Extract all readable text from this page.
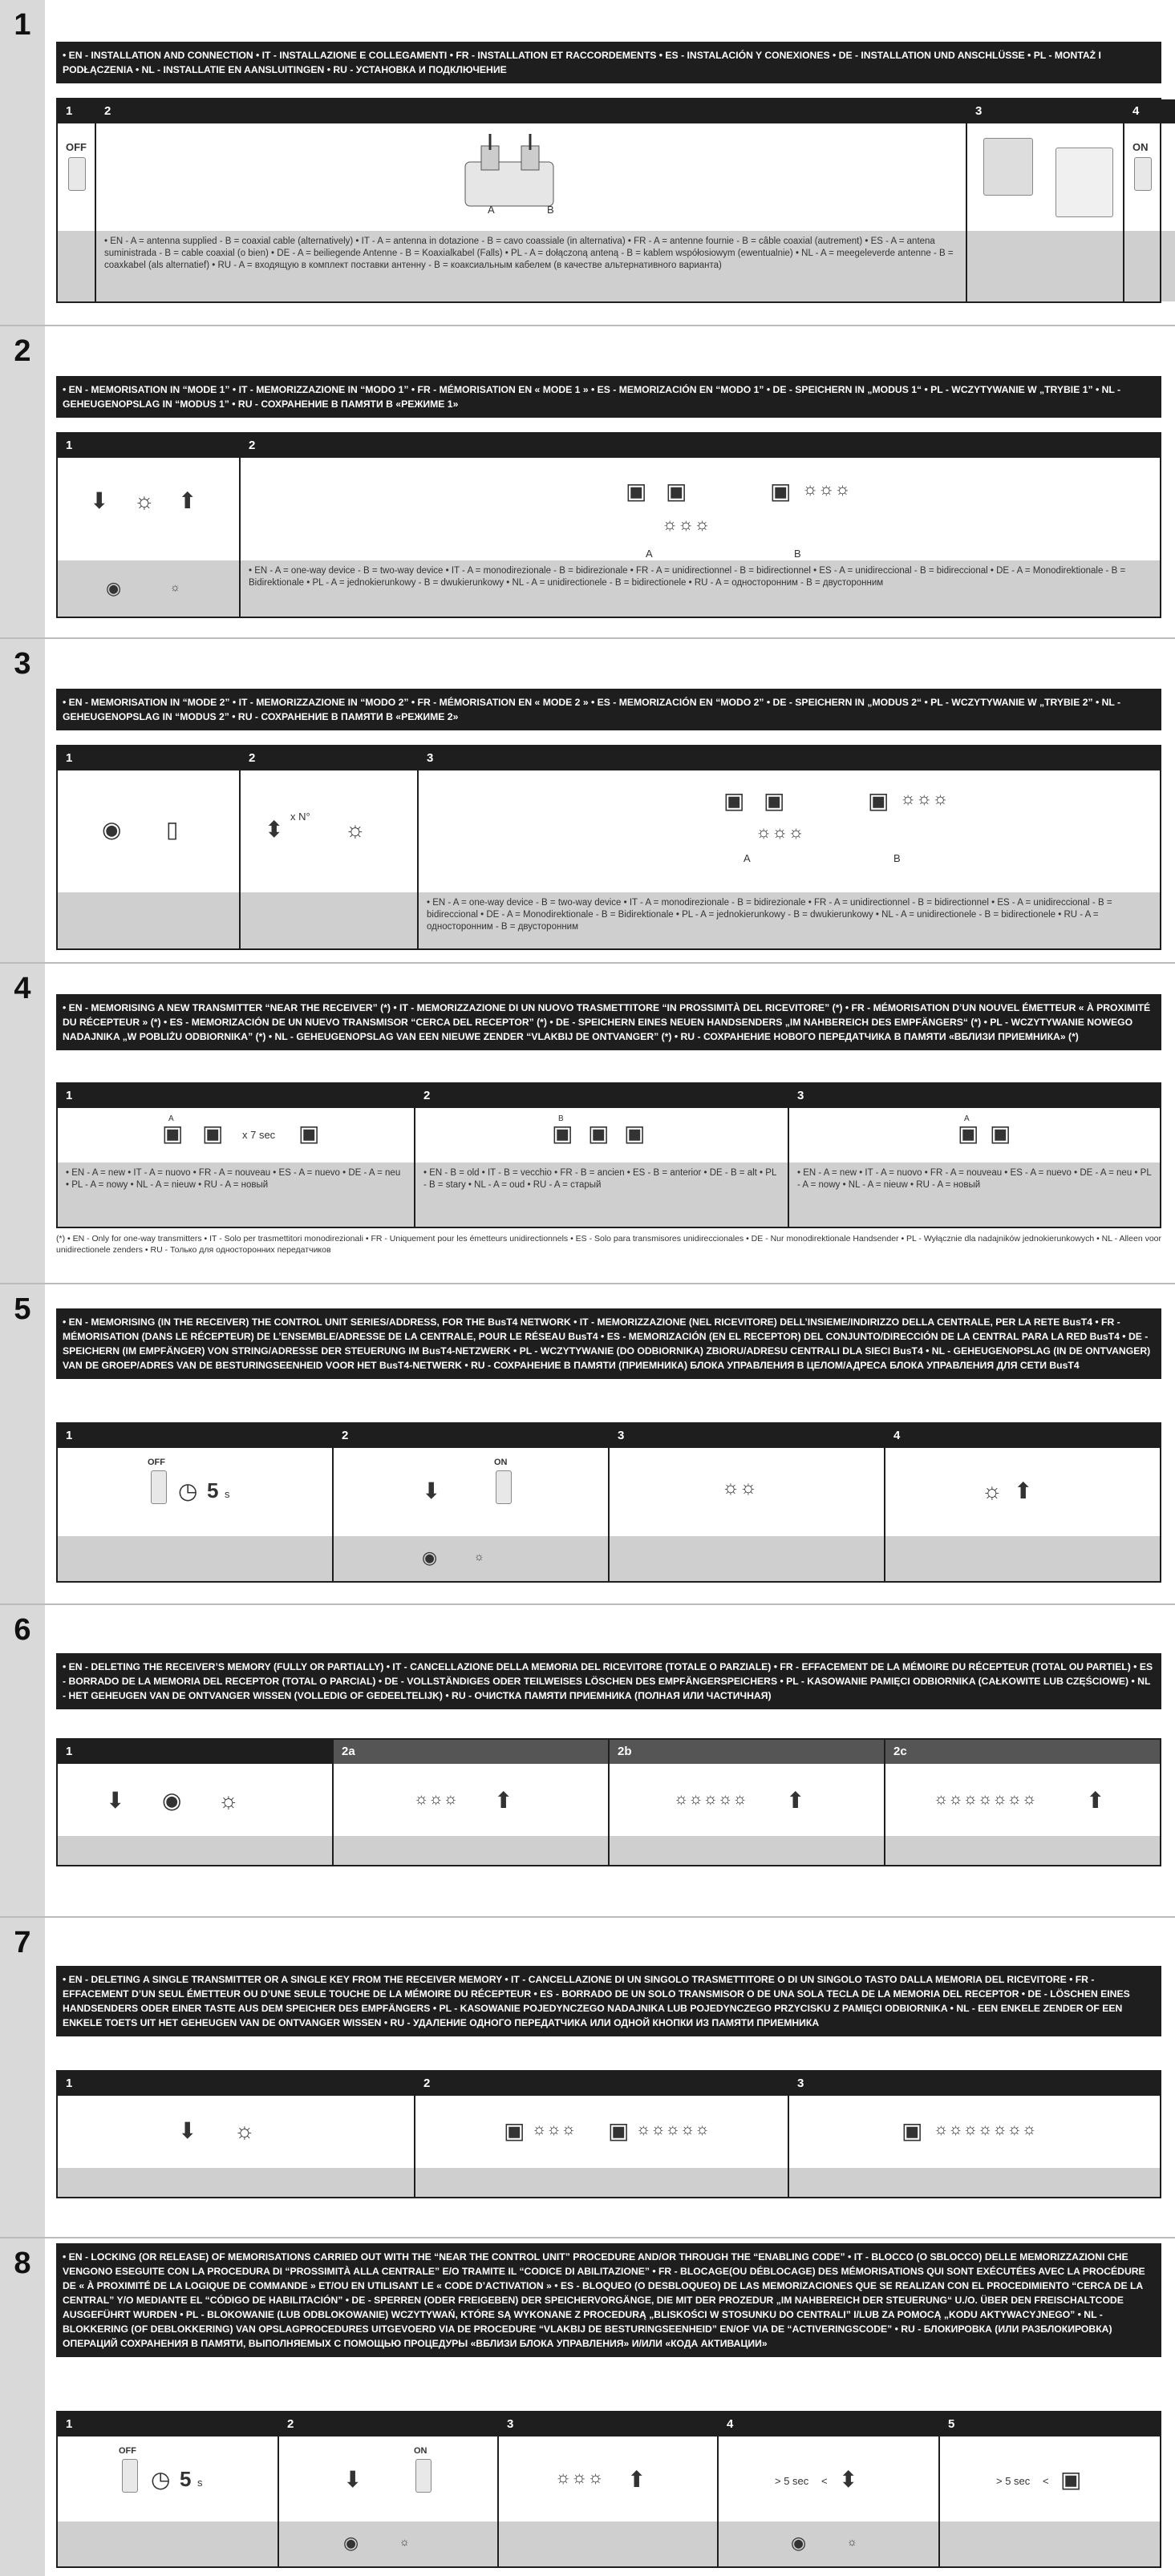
1
• EN - INSTALLATION AND CONNECTION • IT - INSTALLAZIONE E COLLEGAMENTI • FR - INSTALLATION ET RACCORDEMENTS • ES - INSTALACIÓN Y CONEXIONES • DE - INSTALLATION UND ANSCHLÜSSE • PL - MONTAŻ I PODŁĄCZENIA • NL - INSTALLATIE EN AANSLUITINGEN • RU - УСТАНОВКА И ПОДКЛЮЧЕНИЕ
1
OFF
2
A	B
• EN - A = antenna supplied - B = coaxial cable (alternatively) • IT - A = antenna in dotazione - B = cavo coassiale (in alternativa) • FR - A = antenne fournie - B = câble coaxial (autrement) • ES - A = antena suministrada - B = cable coaxial (o bien) • DE - A = beiliegende Antenne - B = Koaxialkabel (Falls) • PL - A = dołączoną anteną - B = kablem współosiowym (ewentualnie) • NL - A = meegeleverde antenne - B = coaxkabel (als alternatief) • RU - A = входящую в комплект поставки антенну - B = коаксиальным кабелем (в качестве альтернативного варианта)
3	4
ON
2
• EN - MEMORISATION IN “MODE 1” • IT - MEMORIZZAZIONE IN “MODO 1” • FR - MÉMORISATION EN « MODE 1 » • ES - MEMORIZACIÓN EN “MODO 1” • DE - SPEICHERN IN „MODUS 1“ • PL - WCZYTYWANIE W „TRYBIE 1” • NL - GEHEUGENOPSLAG IN “MODUS 1” • RU - СОХРАНЕНИЕ В ПАМЯТИ В «РЕЖИМЕ 1»
1
⬇ ☼ ⬆
◉	☼
2
▣ ▣
☼☼☼
A
▣ ☼☼☼
B
• EN - A = one-way device - B = two-way device • IT - A = monodirezionale - B = bidirezionale • FR - A = unidirectionnel - B = bidirectionnel • ES - A = unidireccional - B = bidireccional • DE - A = Monodirektionale - B = Bidirektionale • PL - A = jednokierunkowy - B = dwukierunkowy • NL - A = unidirectionele - B = bidirectionele • RU - A = односторонним - B = двусторонним
3
• EN - MEMORISATION IN “MODE 2” • IT - MEMORIZZAZIONE IN “MODO 2” • FR - MÉMORISATION EN « MODE 2 » • ES - MEMORIZACIÓN EN “MODO 2” • DE - SPEICHERN IN „MODUS 2“ • PL - WCZYTYWANIE W „TRYBIE 2” • NL - GEHEUGENOPSLAG IN “MODUS 2” • RU - СОХРАНЕНИЕ В ПАМЯТИ В «РЕЖИМЕ 2»
1
◉ ▯
2
⬍
x N°
☼
3
▣ ▣
☼☼☼
A
▣ ☼☼☼
B
• EN - A = one-way device - B = two-way device • IT - A = monodirezionale - B = bidirezionale • FR - A = unidirectionnel - B = bidirectionnel • ES - A = unidireccional - B = bidireccional • DE - A = Monodirektionale - B = Bidirektionale • PL - A = jednokierunkowy - B = dwukierunkowy • NL - A = unidirectionele - B = bidirectionele • RU - A = односторонним - B = двусторонним
4
• EN - MEMORISING A NEW TRANSMITTER “NEAR THE RECEIVER” (*) • IT - MEMORIZZAZIONE DI UN NUOVO TRASMETTITORE “IN PROSSIMITÀ DEL RICEVITORE” (*) • FR - MÉMORISATION D’UN NOUVEL ÉMETTEUR « À PROXIMITÉ DU RÉCEPTEUR » (*) • ES - MEMORIZACIÓN DE UN NUEVO TRANSMISOR “CERCA DEL RECEPTOR” (*) • DE - SPEICHERN EINES NEUEN HANDSENDERS „IM NAHBEREICH DES EMPFÄNGERS“ (*) • PL - WCZYTYWANIE NOWEGO NADAJNIKA „W POBLIŻU ODBIORNIKA” (*) • NL - GEHEUGENOPSLAG VAN EEN NIEUWE ZENDER “VLAKBIJ DE ONTVANGER” (*) • RU - СОХРАНЕНИЕ НОВОГО ПЕРЕДАТЧИКА В ПАМЯТИ «ВБЛИЗИ ПРИЕМНИКА» (*)
1
▣
A
▣ x 7 sec ▣
• EN - A = new • IT - A = nuovo • FR - A = nouveau • ES - A = nuevo • DE - A = neu • PL - A = nowy • NL - A = nieuw • RU - A = новый
2
B
▣ ▣ ▣
• EN - B = old • IT - B = vecchio • FR - B = ancien • ES - B = anterior • DE - B = alt • PL - B = stary • NL - A = oud • RU - A = старый
3
A
▣ ▣
• EN - A = new • IT - A = nuovo • FR - A = nouveau • ES - A = nuevo • DE - A = neu • PL - A = nowy • NL - A = nieuw • RU - A = новый
(*) • EN - Only for one-way transmitters • IT - Solo per trasmettitori monodirezionali • FR - Uniquement pour les émetteurs unidirectionnels • ES - Solo para transmisores unidireccionales • DE - Nur monodirektionale Handsender • PL - Wyłącznie dla nadajników jednokierunkowych • NL - Alleen voor unidirectionele zenders • RU - Только для односторонних передатчиков
5	• EN - MEMORISING (IN THE RECEIVER) THE CONTROL UNIT SERIES/ADDRESS, FOR THE BusT4 NETWORK • IT - MEMORIZZAZIONE (NEL RICEVITORE) DELL’INSIEME/INDIRIZZO DELLA CENTRALE, PER LA RETE BusT4 • FR - MÉMORISATION (DANS LE RÉCEPTEUR) DE L’ENSEMBLE/ADRESSE DE LA CENTRALE, POUR LE RÉSEAU BusT4 • ES - MEMORIZACIÓN (EN EL RECEPTOR) DEL CONJUNTO/DIRECCIÓN DE LA CENTRAL PARA LA RED BusT4 • DE - SPEICHERN (IM EMPFÄNGER) VON STRING/ADRESSE DER STEUERUNG IM BusT4-NETZWERK • PL - WCZYTYWANIE (DO ODBIORNIKA) ZBIORU/ADRESU CENTRALI DLA SIECI BusT4 • NL - GEHEUGENOPSLAG (IN DE ONTVANGER) VAN DE GROEP/ADRES VAN DE BESTURINGSEENHEID VOOR HET BusT4-NETWERK • RU - СОХРАНЕНИЕ В ПАМЯТИ (ПРИЕМНИКА) БЛОКА УПРАВЛЕНИЯ В ЦЕЛОМ/АДРЕСА БЛОКА УПРАВЛЕНИЯ ДЛЯ СЕТИ BusT4
1
OFF
◷ 5 s
2
⬇
ON
◉	☼
3
☼☼
4
☼ ⬆
6
• EN - DELETING THE RECEIVER’S MEMORY (FULLY OR PARTIALLY) • IT - CANCELLAZIONE DELLA MEMORIA DEL RICEVITORE (TOTALE O PARZIALE) • FR - EFFACEMENT DE LA MÉMOIRE DU RÉCEPTEUR (TOTAL OU PARTIEL) • ES - BORRADO DE LA MEMORIA DEL RECEPTOR (TOTAL O PARCIAL) • DE - VOLLSTÄNDIGES ODER TEILWEISES LÖSCHEN DES EMPFÄNGERSPEICHERS • PL - KASOWANIE PAMIĘCI ODBIORNIKA (CAŁKOWITE LUB CZĘŚCIOWE) • NL - HET GEHEUGEN VAN DE ONTVANGER WISSEN (VOLLEDIG OF GEDEELTELIJK) • RU - ОЧИСТКА ПАМЯТИ ПРИЕМНИКА (ПОЛНАЯ ИЛИ ЧАСТИЧНАЯ)
1
⬇ ◉ ☼
2a
☼☼☼ ⬆
2b
☼☼☼☼☼ ⬆
2c
☼☼☼☼☼☼☼ ⬆
7
• EN - DELETING A SINGLE TRANSMITTER OR A SINGLE KEY FROM THE RECEIVER MEMORY • IT - CANCELLAZIONE DI UN SINGOLO TRASMETTITORE O DI UN SINGOLO TASTO DALLA MEMORIA DEL RICEVITORE • FR - EFFACEMENT D’UN SEUL ÉMETTEUR OU D’UNE SEULE TOUCHE DE LA MÉMOIRE DU RÉCEPTEUR • ES - BORRADO DE UN SOLO TRANSMISOR O DE UNA SOLA TECLA DE LA MEMORIA DEL RECEPTOR • DE - LÖSCHEN EINES HANDSENDERS ODER EINER TASTE AUS DEM SPEICHER DES EMPFÄNGERS • PL - KASOWANIE POJEDYNCZEGO NADAJNIKA LUB POJEDYNCZEGO PRZYCISKU Z PAMIĘCI ODBIORNIKA • NL - EEN ENKELE ZENDER OF EEN ENKELE TOETS UIT HET GEHEUGEN VAN DE ONTVANGER WISSEN • RU - УДАЛЕНИЕ ОДНОГО ПЕРЕДАТЧИКА ИЛИ ОДНОЙ КНОПКИ ИЗ ПАМЯТИ ПРИЕМНИКА
1
⬇ ☼
2
▣ ☼☼☼ ▣ ☼☼☼☼☼
3
▣ ☼☼☼☼☼☼☼
8	• EN - LOCKING (OR RELEASE) OF MEMORISATIONS CARRIED OUT WITH THE “NEAR THE CONTROL UNIT” PROCEDURE AND/OR THROUGH THE “ENABLING CODE” • IT - BLOCCO (O SBLOCCO) DELLE MEMORIZZAZIONI CHE VENGONO ESEGUITE CON LA PROCEDURA DI “PROSSIMITÀ ALLA CENTRALE” E/O TRAMITE IL “CODICE DI ABILITAZIONE” • FR - BLOCAGE(OU DÉBLOCAGE) DES MÉMORISATIONS QUI SONT EXÉCUTÉES AVEC LA PROCÉDURE DE « À PROXIMITÉ DE LA LOGIQUE DE COMMANDE » ET/OU EN UTILISANT LE « CODE D’ACTIVATION » • ES - BLOQUEO (O DESBLOQUEO) DE LAS MEMORIZACIONES QUE SE REALIZAN CON EL PROCEDIMIENTO “CERCA DE LA CENTRAL” Y/O MEDIANTE EL “CÓDIGO DE HABILITACIÓN” • DE - SPERREN (ODER FREIGEBEN) DER SPEICHERVORGÄNGE, DIE MIT DER PROZEDUR „IM NAHBEREICH DER STEUERUNG“ U./O. ÜBER DEN FREISCHALTCODE AUSGEFÜHRT WURDEN • PL - BLOKOWANIE (LUB ODBLOKOWANIE) WCZYTYWAŃ, KTÓRE SĄ WYKONANE Z PROCEDURĄ „BLISKOŚCI W STOSUNKU DO CENTRALI” I/LUB ZA POMOCĄ „KODU AKTYWACYJNEGO” • NL - BLOKKERING (OF DEBLOKKERING) VAN OPSLAGPROCEDURES UITGEVOERD VIA DE PROCEDURE “VLAKBIJ DE BESTURINGSEENHEID” EN/OF VIA DE “ACTIVERINGSCODE” • RU - БЛОКИРОВКА (ИЛИ РАЗБЛОКИРОВКА) ОПЕРАЦИЙ СОХРАНЕНИЯ В ПАМЯТИ, ВЫПОЛНЯЕМЫХ С ПОМОЩЬЮ ПРОЦЕДУРЫ «ВБЛИЗИ БЛОКА УПРАВЛЕНИЯ» И/ИЛИ «КОДА АКТИВАЦИИ»
1
OFF
◷ 5 s
2
⬇
ON
◉	☼
3
☼☼☼ ⬆
4
> 5 sec < ⬍
◉	☼
5
> 5 sec < ▣
